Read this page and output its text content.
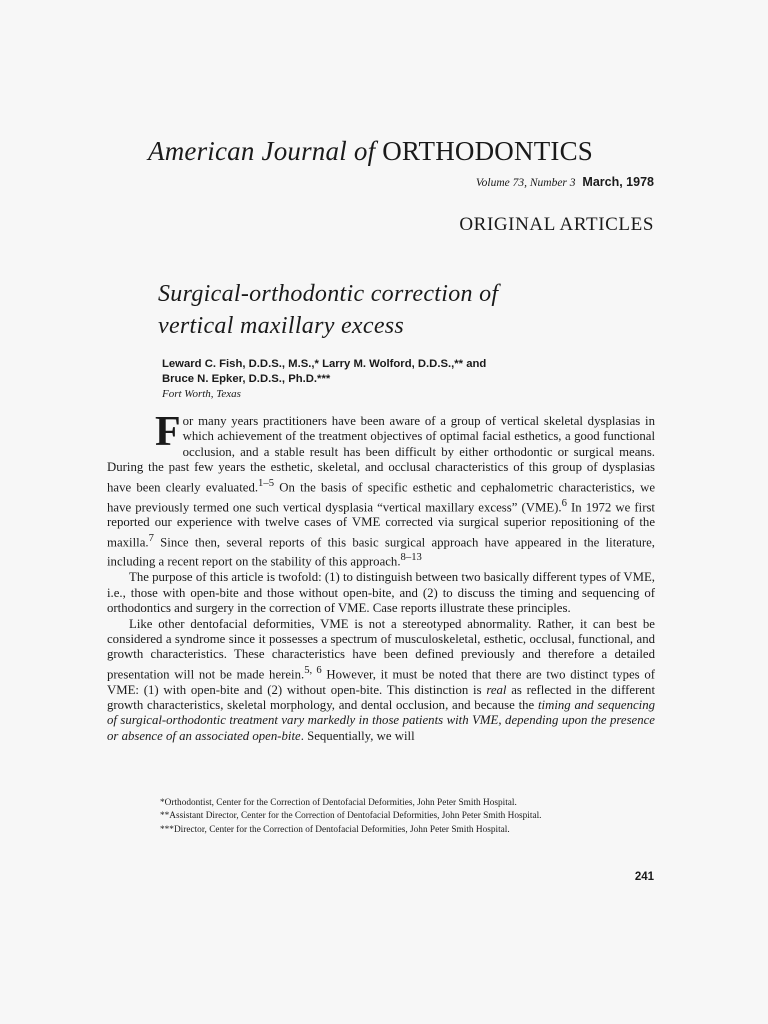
American Journal of ORTHODONTICS
Volume 73, Number 3 March, 1978
ORIGINAL ARTICLES
Surgical-orthodontic correction of
vertical maxillary excess
Leward C. Fish, D.D.S., M.S.,* Larry M. Wolford, D.D.S.,** and
Bruce N. Epker, D.D.S., Ph.D.***
Fort Worth, Texas

For many years practitioners have been aware of a group of vertical skeletal dysplasias in which achievement of the treatment objectives of optimal facial esthetics, a good functional occlusion, and a stable result has been difficult by either orthodontic or surgical means. During the past few years the esthetic, skeletal, and occlusal characteristics of this group of dysplasias have been clearly evaluated.$^{1-5}$ On the basis of specific esthetic and cephalometric characteristics, we have previously termed one such vertical dysplasia “vertical maxillary excess” (VME).$^6$ In 1972 we first reported our experience with twelve cases of VME corrected via surgical superior repositioning of the maxilla.$^7$ Since then, several reports of this basic surgical approach have appeared in the literature, including a recent report on the stability of this approach.$^{8-13}$

The purpose of this article is twofold: (1) to distinguish between two basically different types of VME, i.e., those with open-bite and those without open-bite, and (2) to discuss the timing and sequencing of orthodontics and surgery in the correction of VME. Case reports illustrate these principles.

Like other dentofacial deformities, VME is not a stereotyped abnormality. Rather, it can best be considered a syndrome since it possesses a spectrum of musculoskeletal, esthetic, occlusal, functional, and growth characteristics. These characteristics have been defined previously and therefore a detailed presentation will not be made herein.$^{5, 6}$ However, it must be noted that there are two distinct types of VME: (1) with open-bite and (2) without open-bite. This distinction is real as reflected in the different growth characteristics, skeletal morphology, and dental occlusion, and because the timing and sequencing of surgical-orthodontic treatment vary markedly in those patients with VME, depending upon the presence or absence of an associated open-bite. Sequentially, we will

*Orthodontist, Center for the Correction of Dentofacial Deformities, John Peter Smith Hospital.

**Assistant Director, Center for the Correction of Dentofacial Deformities, John Peter Smith Hospital.

***Director, Center for the Correction of Dentofacial Deformities, John Peter Smith Hospital.

241
